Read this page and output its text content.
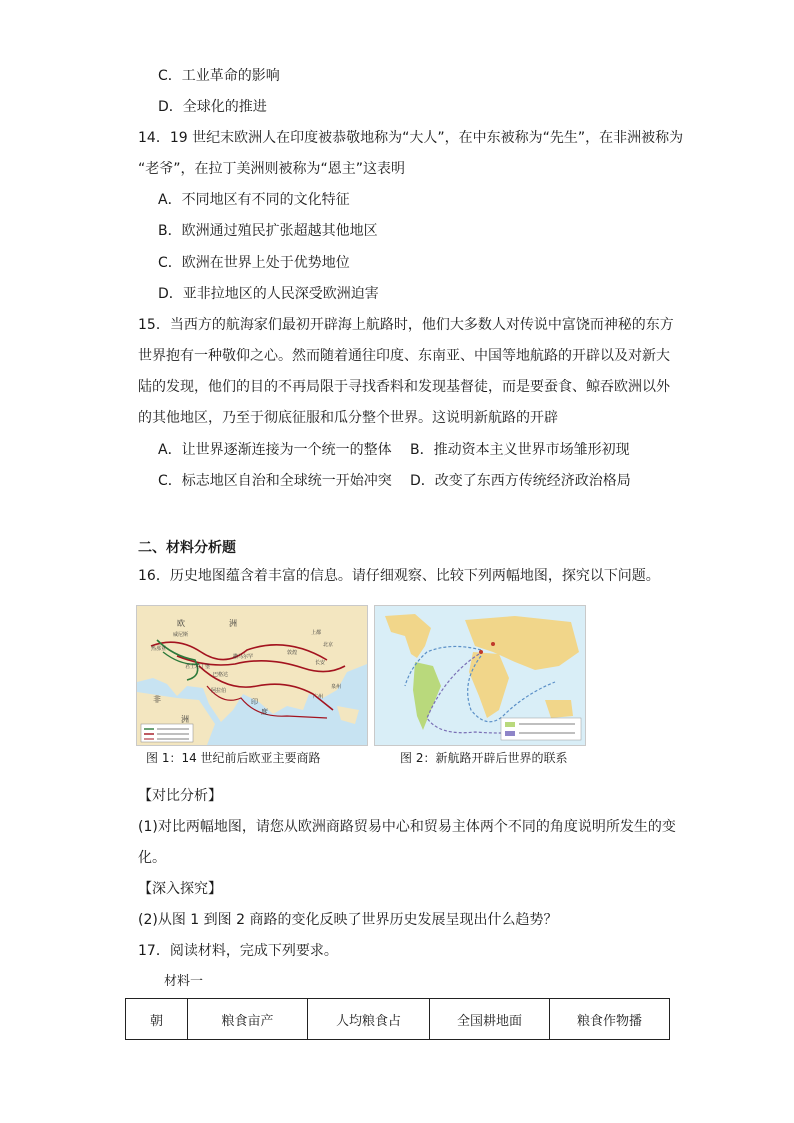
C．工业革命的影响
D．全球化的推进
14．19 世纪末欧洲人在印度被恭敬地称为“大人”，在中东被称为“先生”，在非洲被称为
“老爷”，在拉丁美洲则被称为“恩主”这表明
A．不同地区有不同的文化特征
B．欧洲通过殖民扩张超越其他地区
C．欧洲在世界上处于优势地位
D．亚非拉地区的人民深受欧洲迫害
15．当西方的航海家们最初开辟海上航路时，他们大多数人对传说中富饶而神秘的东方
世界抱有一种敬仰之心。然而随着通往印度、东南亚、中国等地航路的开辟以及对新大
陆的发现，他们的目的不再局限于寻找香料和发现基督徒，而是要蚕食、鲸吞欧洲以外
的其他地区，乃至于彻底征服和瓜分整个世界。这说明新航路的开辟
A．让世界逐渐连接为一个统一的整体 B．推动资本主义世界市场雏形初现
C．标志地区自治和全球统一开始冲突 D．改变了东西方传统经济政治格局
二、材料分析题
16．历史地图蕴含着丰富的信息。请仔细观察、比较下列两幅地图，探究以下问题。
欧	洲
非
洲
威尼斯
热那亚
君士坦丁堡
巴格达
撒马尔罕
敦煌
长安
北京
上都
广州
泉州
印
度
阿拉伯
图 1：14 世纪前后欧亚主要商路	图 2：新航路开辟后世界的联系
【对比分析】
(1)对比两幅地图，请您从欧洲商路贸易中心和贸易主体两个不同的角度说明所发生的变
化。
【深入探究】
(2)从图 1 到图 2 商路的变化反映了世界历史发展呈现出什么趋势？
17．阅读材料，完成下列要求。
材料一
朝	粮食亩产	人均粮食占	全国耕地面	粮食作物播
